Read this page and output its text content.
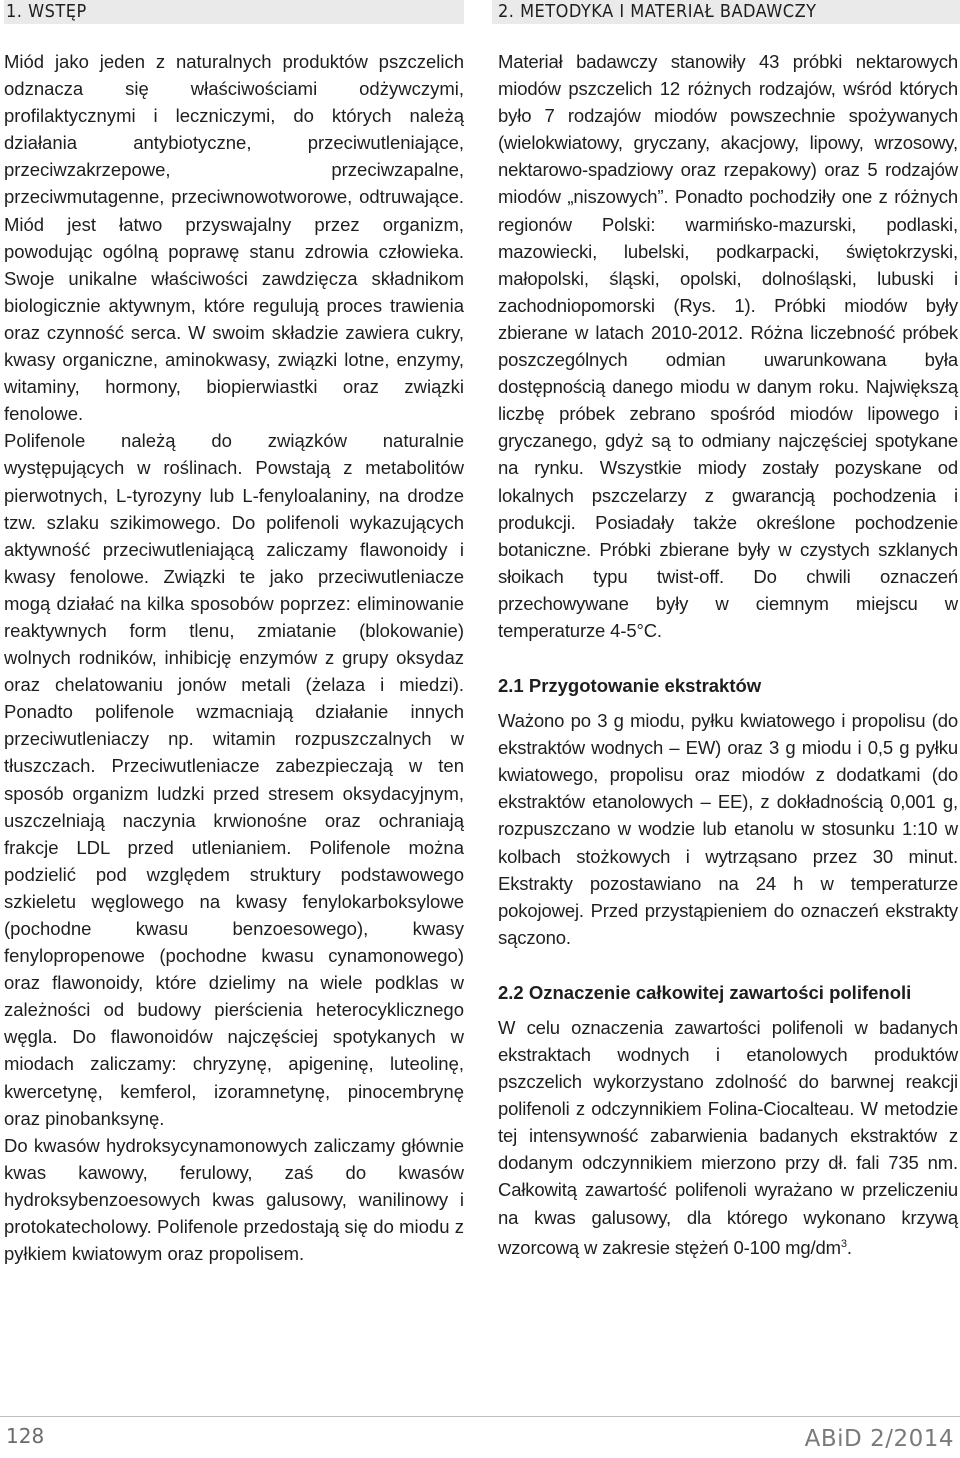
1. WSTĘP

Miód jako jeden z naturalnych produktów pszczelich odznacza się właściwościami odżywczymi, profilaktycznymi i leczniczymi, do których należą działania antybiotyczne, przeciwutleniające, przeciwzakrzepowe, przeciwzapalne, przeciwmutagenne, przeciwnowotworowe, odtruwające. Miód jest łatwo przyswajalny przez organizm, powodując ogólną poprawę stanu zdrowia człowieka. Swoje unikalne właściwości zawdzięcza składnikom biologicznie aktywnym, które regulują proces trawienia oraz czynność serca. W swoim składzie zawiera cukry, kwasy organiczne, aminokwasy, związki lotne, enzymy, witaminy, hormony, biopierwiastki oraz związki fenolowe.

Polifenole należą do związków naturalnie występujących w roślinach. Powstają z metabolitów pierwotnych, L-tyrozyny lub L-fenyloalaniny, na drodze tzw. szlaku szikimowego. Do polifenoli wykazujących aktywność przeciwutleniającą zaliczamy flawonoidy i kwasy fenolowe. Związki te jako przeciwutleniacze mogą działać na kilka sposobów poprzez: eliminowanie reaktywnych form tlenu, zmiatanie (blokowanie) wolnych rodników, inhibicję enzymów z grupy oksydaz oraz chelatowaniu jonów metali (żelaza i miedzi). Ponadto polifenole wzmacniają działanie innych przeciwutleniaczy np. witamin rozpuszczalnych w tłuszczach. Przeciwutleniacze zabezpieczają w ten sposób organizm ludzki przed stresem oksydacyjnym, uszczelniają naczynia krwionośne oraz ochraniają frakcje LDL przed utlenianiem. Polifenole można podzielić pod względem struktury podstawowego szkieletu węglowego na kwasy fenylokarboksylowe (pochodne kwasu benzoesowego), kwasy fenylopropenowe (pochodne kwasu cynamonowego) oraz flawonoidy, które dzielimy na wiele podklas w zależności od budowy pierścienia heterocyklicznego węgla. Do flawonoidów najczęściej spotykanych w miodach zaliczamy: chryzynę, apigeninę, luteolinę, kwercetynę, kemferol, izoramnetynę, pinocembrynę oraz pinobanksynę.

Do kwasów hydroksycynamonowych zaliczamy głównie kwas kawowy, ferulowy, zaś do kwasów hydroksybenzoesowych kwas galusowy, wanilinowy i protokatecholowy. Polifenole przedostają się do miodu z pyłkiem kwiatowym oraz propolisem.

2. METODYKA I MATERIAŁ BADAWCZY

Materiał badawczy stanowiły 43 próbki nektarowych miodów pszczelich 12 różnych rodzajów, wśród których było 7 rodzajów miodów powszechnie spożywanych (wielokwiatowy, gryczany, akacjowy, lipowy, wrzosowy, nektarowo-spadziowy oraz rzepakowy) oraz 5 rodzajów miodów „niszowych”. Ponadto pochodziły one z różnych regionów Polski: warmińsko-mazurski, podlaski, mazowiecki, lubelski, podkarpacki, świętokrzyski, małopolski, śląski, opolski, dolnośląski, lubuski i zachodniopomorski (Rys. 1). Próbki miodów były zbierane w latach 2010-2012. Różna liczebność próbek poszczególnych odmian uwarunkowana była dostępnością danego miodu w danym roku. Największą liczbę próbek zebrano spośród miodów lipowego i gryczanego, gdyż są to odmiany najczęściej spotykane na rynku. Wszystkie miody zostały pozyskane od lokalnych pszczelarzy z gwarancją pochodzenia i produkcji. Posiadały także określone pochodzenie botaniczne. Próbki zbierane były w czystych szklanych słoikach typu twist-off. Do chwili oznaczeń przechowywane były w ciemnym miejscu w temperaturze 4-5°C.

2.1 Przygotowanie ekstraktów

Ważono po 3 g miodu, pyłku kwiatowego i propolisu (do ekstraktów wodnych – EW) oraz 3 g miodu i 0,5 g pyłku kwiatowego, propolisu oraz miodów z dodatkami (do ekstraktów etanolowych – EE), z dokładnością 0,001 g, rozpuszczano w wodzie lub etanolu w stosunku 1:10 w kolbach stożkowych i wytrząsano przez 30 minut. Ekstrakty pozostawiano na 24 h w temperaturze pokojowej. Przed przystąpieniem do oznaczeń ekstrakty sączono.

2.2 Oznaczenie całkowitej zawartości polifenoli

W celu oznaczenia zawartości polifenoli w badanych ekstraktach wodnych i etanolowych produktów pszczelich wykorzystano zdolność do barwnej reakcji polifenoli z odczynnikiem Folina-Ciocalteau. W metodzie tej intensywność zabarwienia badanych ekstraktów z dodanym odczynnikiem mierzono przy dł. fali 735 nm. Całkowitą zawartość polifenoli wyrażano w przeliczeniu na kwas galusowy, dla którego wykonano krzywą wzorcową w zakresie stężeń 0-100 $mg/dm^3$.

128	ABiD 2/2014
